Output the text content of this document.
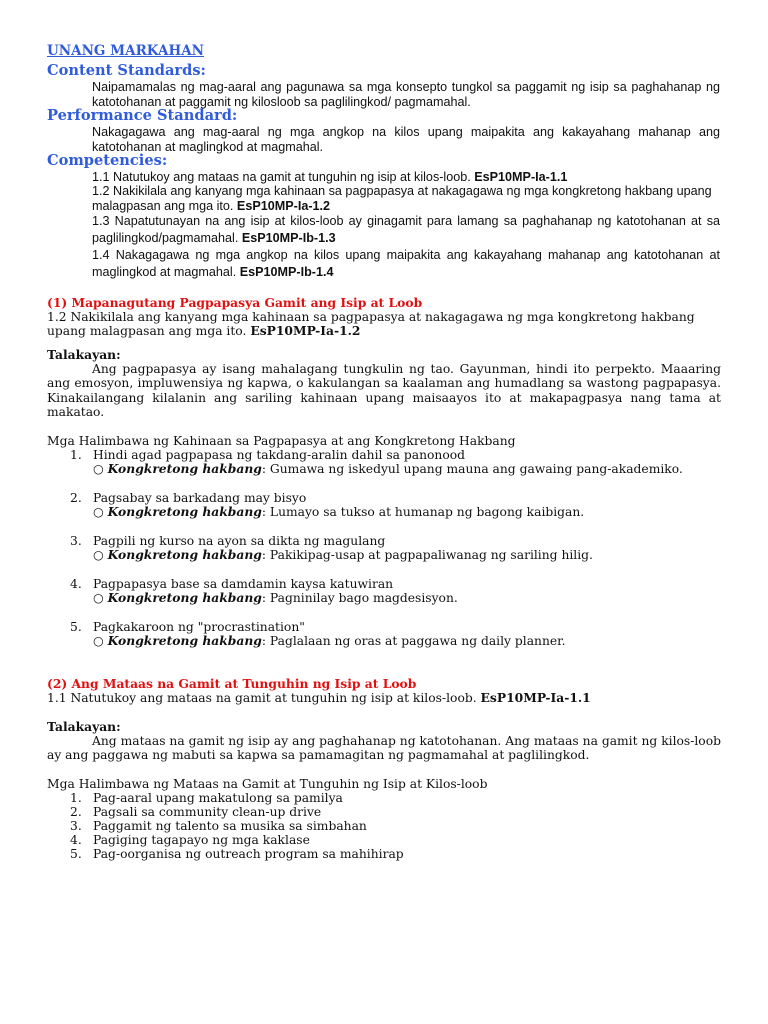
UNANG MARKAHAN
Content Standards:
Naipamamalas ng mag-aaral ang pagunawa sa mga konsepto tungkol sa paggamit ng isip sa paghahanap ng katotohanan at paggamit ng kilosloob sa paglilingkod/ pagmamahal.
Performance Standard:
Nakagagawa ang mag-aaral ng mga angkop na kilos upang maipakita ang kakayahang mahanap ang katotohanan at maglingkod at magmahal.
Competencies:
1.1 Natutukoy ang mataas na gamit at tunguhin ng isip at kilos-loob. EsP10MP-Ia-1.1
1.2 Nakikilala ang kanyang mga kahinaan sa pagpapasya at nakagagawa ng mga kongkretong hakbang upang malagpasan ang mga ito. EsP10MP-Ia-1.2
1.3 Napatutunayan na ang isip at kilos-loob ay ginagamit para lamang sa paghahanap ng katotohanan at sa paglilingkod/pagmamahal. EsP10MP-Ib-1.3
1.4 Nakagagawa ng mga angkop na kilos upang maipakita ang kakayahang mahanap ang katotohanan at maglingkod at magmahal. EsP10MP-Ib-1.4
(1) Mapanagutang Pagpapasya Gamit ang Isip at Loob
1.2 Nakikilala ang kanyang mga kahinaan sa pagpapasya at nakagagawa ng mga kongkretong hakbang upang malagpasan ang mga ito. EsP10MP-Ia-1.2
Talakayan:
Ang pagpapasya ay isang mahalagang tungkulin ng tao. Gayunman, hindi ito perpekto. Maaaring ang emosyon, impluwensiya ng kapwa, o kakulangan sa kaalaman ang humadlang sa wastong pagpapasya. Kinakailangang kilalanin ang sariling kahinaan upang maisaayos ito at makapagpasya nang tama at makatao.
Mga Halimbawa ng Kahinaan sa Pagpapasya at ang Kongkretong Hakbang
1. Hindi agad pagpapasa ng takdang-aralin dahil sa panonood
○ Kongkretong hakbang: Gumawa ng iskedyul upang mauna ang gawaing pang-akademiko.
2. Pagsabay sa barkadang may bisyo
○ Kongkretong hakbang: Lumayo sa tukso at humanap ng bagong kaibigan.
3. Pagpili ng kurso na ayon sa dikta ng magulang
○ Kongkretong hakbang: Pakikipag-usap at pagpapaliwanag ng sariling hilig.
4. Pagpapasya base sa damdamin kaysa katuwiran
○ Kongkretong hakbang: Pagninilay bago magdesisyon.
5. Pagkakaroon ng "procrastination"
○ Kongkretong hakbang: Paglalaan ng oras at paggawa ng daily planner.
(2) Ang Mataas na Gamit at Tunguhin ng Isip at Loob
1.1 Natutukoy ang mataas na gamit at tunguhin ng isip at kilos-loob. EsP10MP-Ia-1.1
Talakayan:
Ang mataas na gamit ng isip ay ang paghahanap ng katotohanan. Ang mataas na gamit ng kilos-loob ay ang paggawa ng mabuti sa kapwa sa pamamagitan ng pagmamahal at paglilingkod.
Mga Halimbawa ng Mataas na Gamit at Tunguhin ng Isip at Kilos-loob
1. Pag-aaral upang makatulong sa pamilya
2. Pagsali sa community clean-up drive
3. Paggamit ng talento sa musika sa simbahan
4. Pagiging tagapayo ng mga kaklase
5. Pag-oorganisa ng outreach program sa mahihirap
